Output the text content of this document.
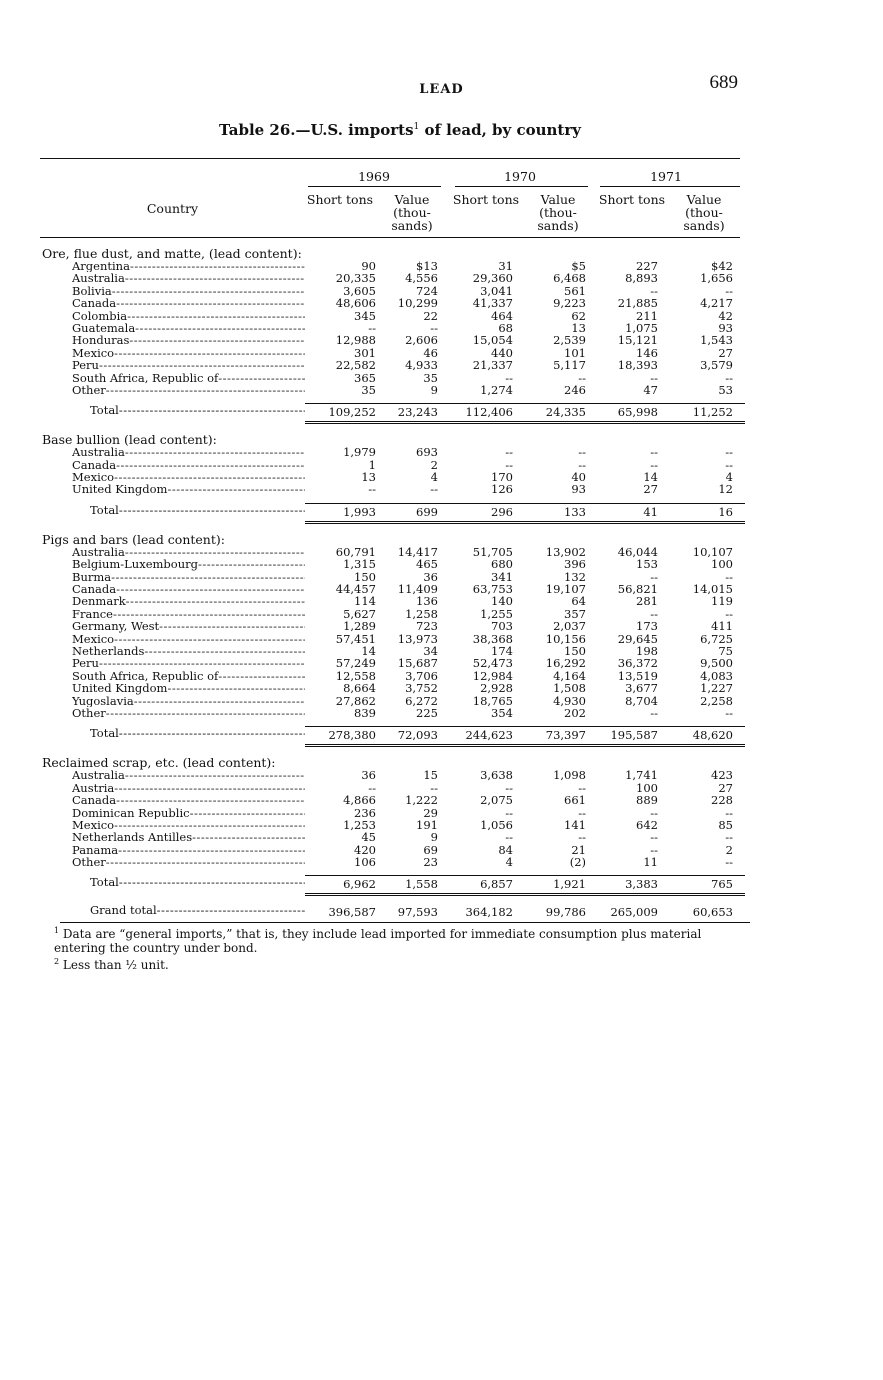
LEAD	689
Table 26.—U.S. imports$^1$ of lead, by country
Country
1969	1970	1971
Short tons	Value (thou- sands)
Short tons	Value (thou- sands)
Short tons	Value (thou- sands)
Ore, flue dust, and matte, (lead content):
Argentina -----	90	$13	31	$5	227	$42
Australia -----	20,335	4,556	29,360	6,468	8,893	1,656
Bolivia -----	3,605	724	3,041	561	--	--
Canada -----	48,606	10,299	41,337	9,223	21,885	4,217
Colombia -----	345	22	464	62	211	42
Guatemala -----	--	--	68	13	1,075	93
Honduras -----	12,988	2,606	15,054	2,539	15,121	1,543
Mexico -----	301	46	440	101	146	27
Peru -----	22,582	4,933	21,337	5,117	18,393	3,579
South Africa, Republic of -----	365	35	--	--	--	--
Other -----	35	9	1,274	246	47	53
Total -----	109,252	23,243	112,406	24,335	65,998	11,252
Base bullion (lead content):
Australia -----	1,979	693	--	--	--	--
Canada -----	1	2	--	--	--	--
Mexico -----	13	4	170	40	14	4
United Kingdom -----	--	--	126	93	27	12
Total -----	1,993	699	296	133	41	16
Pigs and bars (lead content):
Australia -----	60,791	14,417	51,705	13,902	46,044	10,107
Belgium-Luxembourg -----	1,315	465	680	396	153	100
Burma -----	150	36	341	132	--	--
Canada -----	44,457	11,409	63,753	19,107	56,821	14,015
Denmark -----	114	136	140	64	281	119
France -----	5,627	1,258	1,255	357	--	--
Germany, West -----	1,289	723	703	2,037	173	411
Mexico -----	57,451	13,973	38,368	10,156	29,645	6,725
Netherlands -----	14	34	174	150	198	75
Peru -----	57,249	15,687	52,473	16,292	36,372	9,500
South Africa, Republic of -----	12,558	3,706	12,984	4,164	13,519	4,083
United Kingdom -----	8,664	3,752	2,928	1,508	3,677	1,227
Yugoslavia -----	27,862	6,272	18,765	4,930	8,704	2,258
Other -----	839	225	354	202	--	--
Total -----	278,380	72,093	244,623	73,397	195,587	48,620
Reclaimed scrap, etc. (lead content):
Australia -----	36	15	3,638	1,098	1,741	423
Austria -----	--	--	--	--	100	27
Canada -----	4,866	1,222	2,075	661	889	228
Dominican Republic -----	236	29	--	--	--	--
Mexico -----	1,253	191	1,056	141	642	85
Netherlands Antilles -----	45	9	--	--	--	--
Panama -----	420	69	84	21	--	2
Other -----	106	23	4	(2)	11	--
Total -----	6,962	1,558	6,857	1,921	3,383	765
Grand total -----	396,587	97,593	364,182	99,786	265,009	60,653
$^1$ Data are “general imports,” that is, they include lead imported for immediate consumption plus material entering the country under bond.
$^2$ Less than ½ unit.
